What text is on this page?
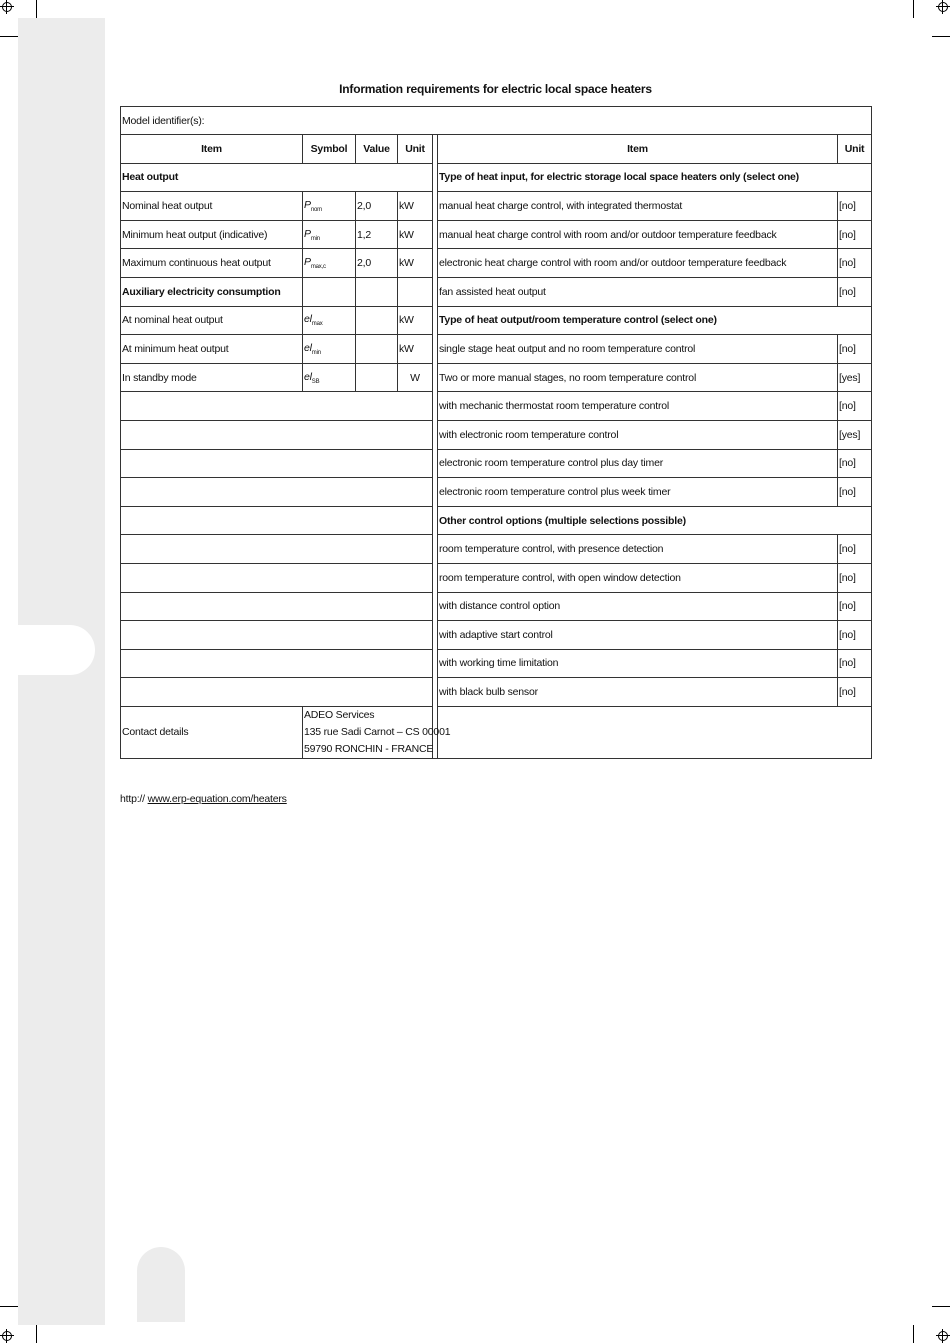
Information requirements for electric local space heaters
Model identifier(s):						
Item	Symbol	Value	Unit		Item	Unit
Heat output					Type of heat input, for electric storage local space heaters only (select one)	
Nominal heat output	$P_{nom}$	2,0	kW		manual heat charge control, with integrated thermostat	[no]
Minimum heat output (indicative)	$P_{min}$	1,2	kW		manual heat charge control with room and/or outdoor temperature feedback	[no]
Maximum continuous heat output	$P_{max,c}$	2,0	kW		electronic heat charge control with room and/or outdoor temperature feedback	[no]
Auxiliary electricity consumption					fan assisted heat output	[no]
At nominal heat output	$el_{max}$		kW		Type of heat output/room temperature control (select one)	
At minimum heat output	$el_{min}$		kW		single stage heat output and no room temperature control	[no]
In standby mode	$el_{SB}$		W		Two or more manual stages, no room temperature control	[yes]
					with mechanic thermostat room temperature control	[no]
					with electronic room temperature control	[yes]
					electronic room temperature control plus day timer	[no]
					electronic room temperature control plus week timer	[no]
					Other control options (multiple selections possible)	
					room temperature control, with presence detection	[no]
					room temperature control, with open window detection	[no]
					with distance control option	[no]
					with adaptive start control	[no]
					with working time limitation	[no]
					with black bulb sensor	[no]
Contact details	ADEO Services
135 rue Sadi Carnot – CS 00001
59790 RONCHIN - FRANCE					
http:// www.erp-equation.com/heaters
